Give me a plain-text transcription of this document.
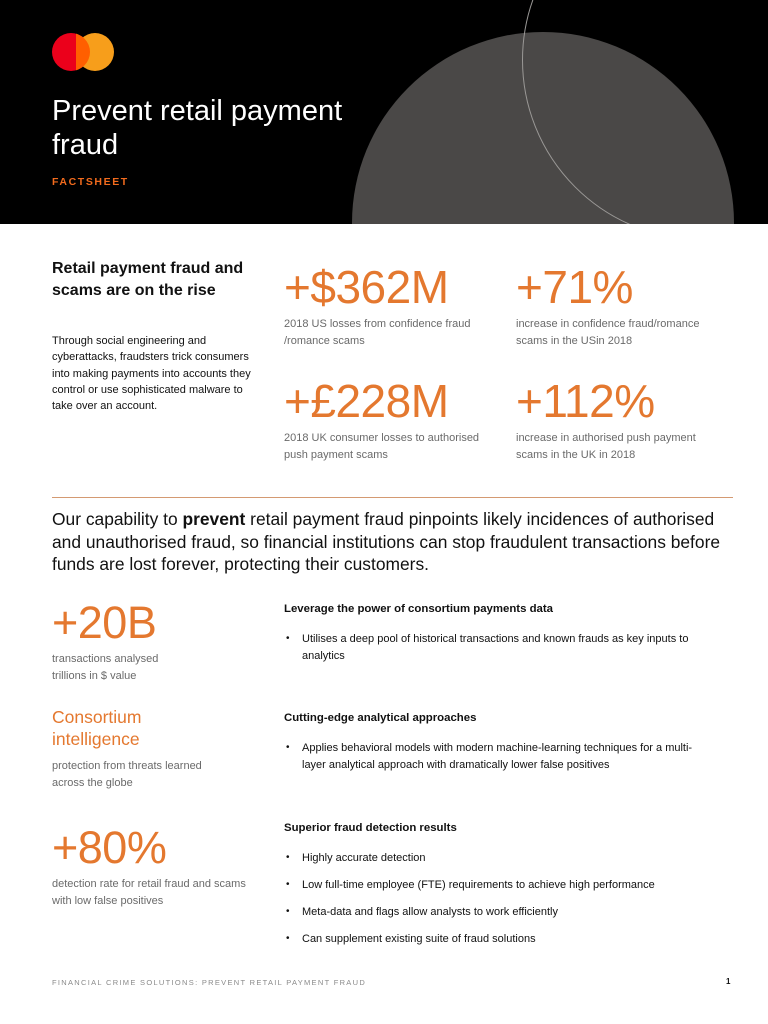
Prevent retail payment fraud
FACTSHEET
Retail payment fraud and scams are on the rise

Through social engineering and cyberattacks, fraudsters trick consumers into making payments into accounts they control or use sophisticated malware to take over an account.

+$362M
2018 US losses from confidence fraud /romance scams
+71%
increase in confidence fraud/romance scams in the USin 2018
+£228M
2018 UK consumer losses to authorised push payment scams
+112%
increase in authorised push payment scams in the UK in 2018

Our capability to prevent retail payment fraud pinpoints likely incidences of authorised and unauthorised fraud, so financial institutions can stop fraudulent transactions before funds are lost forever, protecting their customers.

+20B
transactions analysed trillions in $ value
Consortium intelligence
protection from threats learned across the globe
+80%
detection rate for retail fraud and scams with low false positives
Leverage the power of consortium payments data
• Utilises a deep pool of historical transactions and known frauds as key inputs to analytics
Cutting-edge analytical approaches
• Applies behavioral models with modern machine-learning techniques for a multi-layer analytical approach with dramatically lower false positives
Superior fraud detection results
• Highly accurate detection
• Low full-time employee (FTE) requirements to achieve high performance
• Meta-data and flags allow analysts to work efficiently
• Can supplement existing suite of fraud solutions
FINANCIAL CRIME SOLUTIONS: PREVENT RETAIL PAYMENT FRAUD	1
